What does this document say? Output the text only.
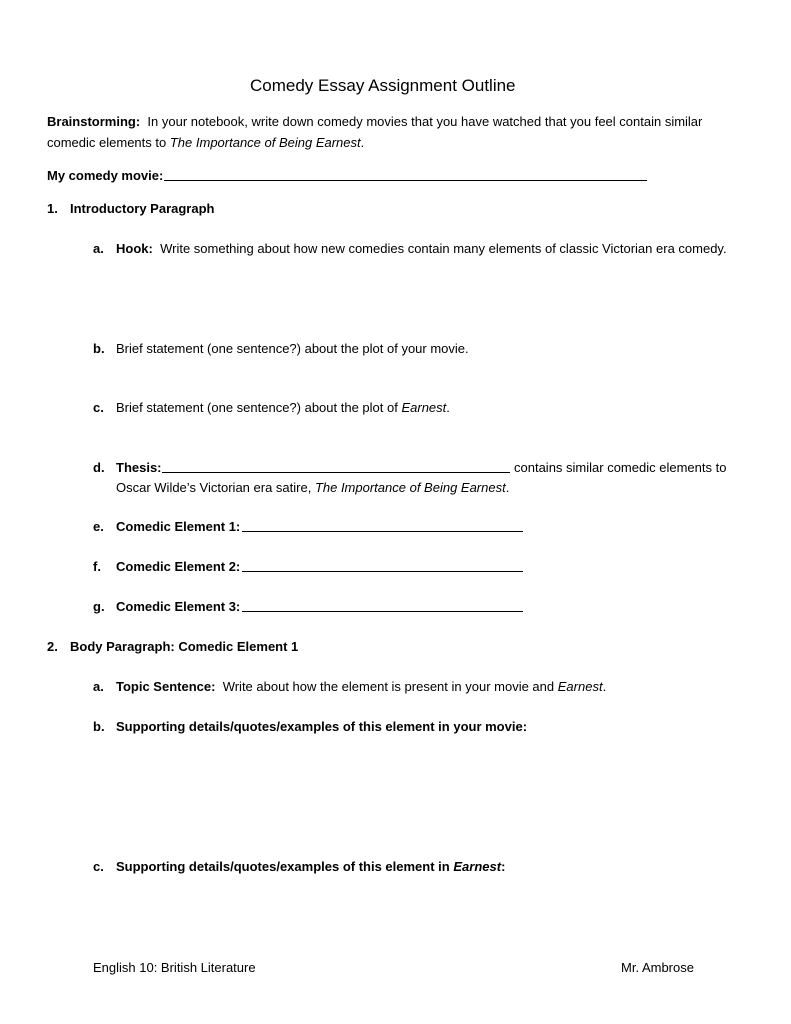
Comedy Essay Assignment Outline
Brainstorming: In your notebook, write down comedy movies that you have watched that you feel contain similar
comedic elements to The Importance of Being Earnest.
My comedy movie:
1. Introductory Paragraph
a. Hook: Write something about how new comedies contain many elements of classic Victorian era comedy.
b. Brief statement (one sentence?) about the plot of your movie.
c. Brief statement (one sentence?) about the plot of Earnest.
d. Thesis:	contains similar comedic elements to
Oscar Wilde’s Victorian era satire, The Importance of Being Earnest.
e. Comedic Element 1:
f. Comedic Element 2:
g. Comedic Element 3:
2. Body Paragraph: Comedic Element 1
a. Topic Sentence: Write about how the element is present in your movie and Earnest.
b. Supporting details/quotes/examples of this element in your movie:
c. Supporting details/quotes/examples of this element in Earnest:
English 10: British Literature	Mr. Ambrose
